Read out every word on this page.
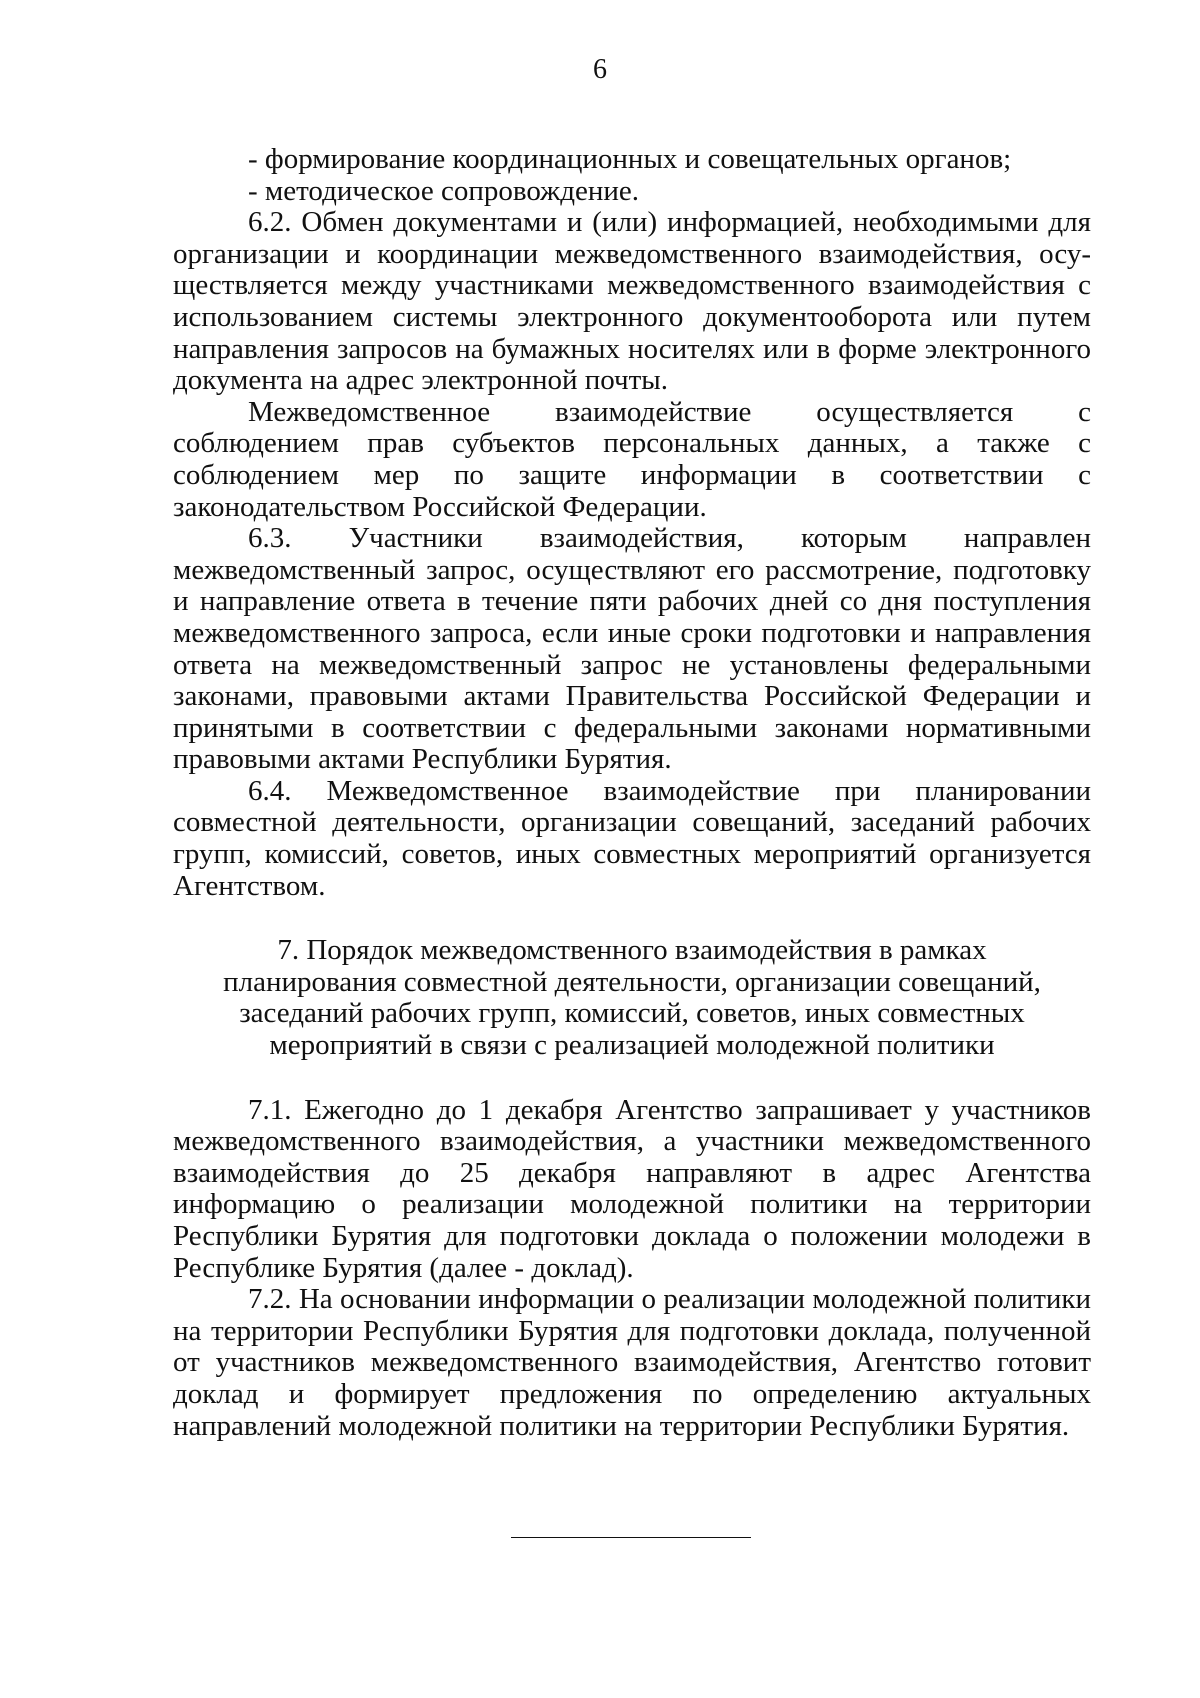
6

- формирование координационных и совещательных органов;

- методическое сопровождение.

6.2. Обмен документами и (или) информацией, необходимыми для организации и координации межведомственного взаимодействия, осуществляется между участниками межведомственного взаимодействия с использованием системы электронного документооборота или путем направления запросов на бумажных носителях или в форме электронного документа на адрес электронной почты.

Межведомственное взаимодействие осуществляется с соблюдением прав субъектов персональных данных, а также с соблюдением мер по защите информации в соответствии с законодательством Российской Федерации.

6.3. Участники взаимодействия, которым направлен межведомственный запрос, осуществляют его рассмотрение, подготовку и направление ответа в течение пяти рабочих дней со дня поступления межведомственного запроса, если иные сроки подготовки и направления ответа на межведомственный запрос не установлены федеральными законами, правовыми актами Правительства Российской Федерации и принятыми в соответствии с федеральными законами нормативными правовыми актами Республики Бурятия.

6.4. Межведомственное взаимодействие при планировании совместной деятельности, организации совещаний, заседаний рабочих групп, комиссий, советов, иных совместных мероприятий организуется Агентством.

7. Порядок межведомственного взаимодействия в рамках
планирования совместной деятельности, организации совещаний,
заседаний рабочих групп, комиссий, советов, иных совместных
мероприятий в связи с реализацией молодежной политики

7.1. Ежегодно до 1 декабря Агентство запрашивает у участников межведомственного взаимодействия, а участники межведомственного взаимодействия до 25 декабря направляют в адрес Агентства информацию о реализации молодежной политики на территории Республики Бурятия для подготовки доклада о положении молодежи в Республике Бурятия (далее - доклад).

7.2. На основании информации о реализации молодежной политики на территории Республики Бурятия для подготовки доклада, полученной от участников межведомственного взаимодействия, Агентство готовит доклад и формирует предложения по определению актуальных направлений молодежной политики на территории Республики Бурятия.
